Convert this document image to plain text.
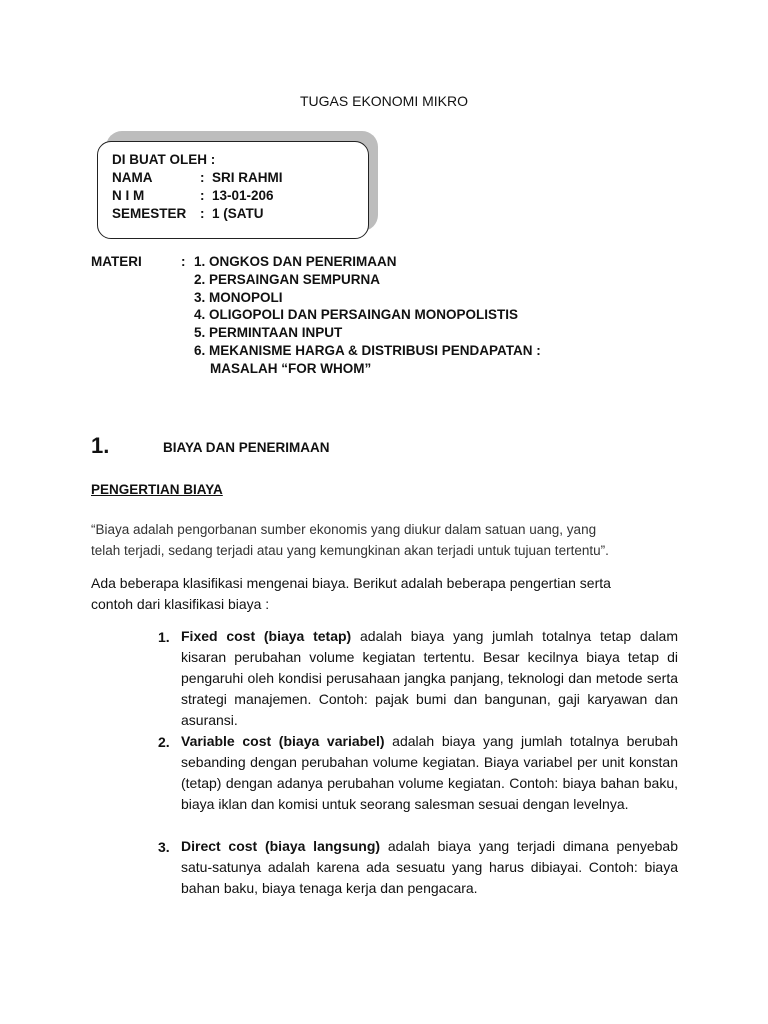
TUGAS EKONOMI MIKRO
DI BUAT OLEH :
NAMA	: SRI RAHMI
N I M	: 13-01-206
SEMESTER : 1 (SATU
MATERI	: 1. ONGKOS DAN PENERIMAAN
2. PERSAINGAN SEMPURNA
3. MONOPOLI
4. OLIGOPOLI DAN PERSAINGAN MONOPOLISTIS
5. PERMINTAAN INPUT
6. MEKANISME HARGA & DISTRIBUSI PENDAPATAN :
MASALAH “FOR WHOM”
1.	BIAYA DAN PENERIMAAN
PENGERTIAN BIAYA
“Biaya adalah pengorbanan sumber ekonomis yang diukur dalam satuan uang, yang
telah terjadi, sedang terjadi atau yang kemungkinan akan terjadi untuk tujuan tertentu”.
Ada beberapa klasifikasi mengenai biaya. Berikut adalah beberapa pengertian serta
contoh dari klasifikasi biaya :
1. Fixed cost (biaya tetap) adalah biaya yang jumlah totalnya tetap dalam kisaran perubahan volume kegiatan tertentu. Besar kecilnya biaya tetap di pengaruhi oleh kondisi perusahaan jangka panjang, teknologi dan metode serta strategi manajemen. Contoh: pajak bumi dan bangunan, gaji karyawan dan asuransi.
2. Variable cost (biaya variabel) adalah biaya yang jumlah totalnya berubah sebanding dengan perubahan volume kegiatan. Biaya variabel per unit konstan (tetap) dengan adanya perubahan volume kegiatan. Contoh: biaya bahan baku, biaya iklan dan komisi untuk seorang salesman sesuai dengan levelnya.
3. Direct cost (biaya langsung) adalah biaya yang terjadi dimana penyebab satu-satunya adalah karena ada sesuatu yang harus dibiayai. Contoh: biaya bahan baku, biaya tenaga kerja dan pengacara.
